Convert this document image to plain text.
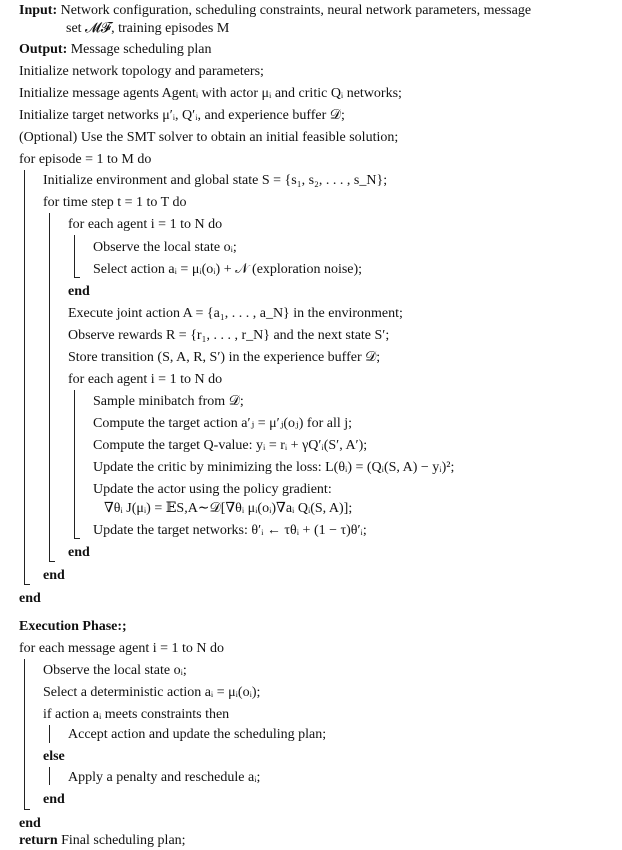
Input: Network configuration, scheduling constraints, neural network parameters, message
set 𝓜𝓕, training episodes M
Output: Message scheduling plan
Initialize network topology and parameters;
Initialize message agents Agentᵢ with actor μᵢ and critic Qᵢ networks;
Initialize target networks μ′ᵢ, Q′ᵢ, and experience buffer 𝒟;
(Optional) Use the SMT solver to obtain an initial feasible solution;
for episode = 1 to M do
Initialize environment and global state S = {s₁, s₂, . . . , s_N};
for time step t = 1 to T do
for each agent i = 1 to N do
Observe the local state oᵢ;
Select action aᵢ = μᵢ(oᵢ) + 𝒩 (exploration noise);
end
Execute joint action A = {a₁, . . . , a_N} in the environment;
Observe rewards R = {r₁, . . . , r_N} and the next state S′;
Store transition (S, A, R, S′) in the experience buffer 𝒟;
for each agent i = 1 to N do
Sample minibatch from 𝒟;
Compute the target action a′ⱼ = μ′ⱼ(oⱼ) for all j;
Compute the target Q-value: yᵢ = rᵢ + γQ′ᵢ(S′, A′);
Update the critic by minimizing the loss: L(θᵢ) = (Qᵢ(S, A) − yᵢ)²;
Update the actor using the policy gradient:
∇θᵢ J(μᵢ) = 𝔼S,A∼𝒟[∇θᵢ μᵢ(oᵢ)∇aᵢ Qᵢ(S, A)];
Update the target networks: θ′ᵢ ← τθᵢ + (1 − τ)θ′ᵢ;
end
end
end
Execution Phase:;
for each message agent i = 1 to N do
Observe the local state oᵢ;
Select a deterministic action aᵢ = μᵢ(oᵢ);
if action aᵢ meets constraints then
Accept action and update the scheduling plan;
else
Apply a penalty and reschedule aᵢ;
end
end
return Final scheduling plan;
